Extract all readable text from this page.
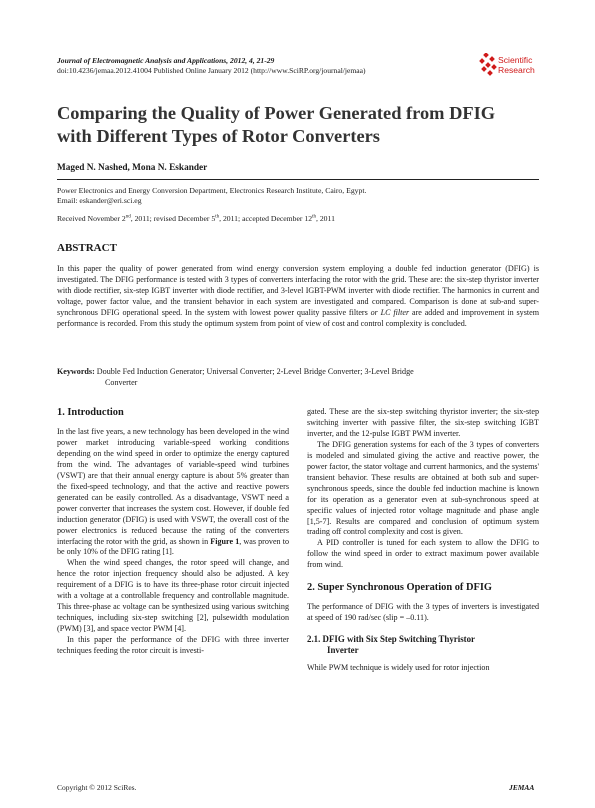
Journal of Electromagnetic Analysis and Applications, 2012, 4, 21-29
doi:10.4236/jemaa.2012.41004 Published Online January 2012 (http://www.SciRP.org/journal/jemaa)
Scientific
Research
Comparing the Quality of Power Generated from DFIG with Different Types of Rotor Converters
Maged N. Nashed, Mona N. Eskander
Power Electronics and Energy Conversion Department, Electronics Research Institute, Cairo, Egypt.
Email: eskander@eri.sci.eg
Received November 2nd, 2011; revised December 5th, 2011; accepted December 12th, 2011
ABSTRACT
In this paper the quality of power generated from wind energy conversion system employing a double fed induction generator (DFIG) is investigated. The DFIG performance is tested with 3 types of converters interfacing the rotor with the grid. These are: the six-step thyristor inverter with diode rectifier, six-step IGBT inverter with diode rectifier, and 3-level IGBT-PWM inverter with diode rectifier. The harmonics in current and voltage, power factor value, and the transient behavior in each system are investigated and compared. Comparison is done at sub-and super-synchronous DFIG operational speed. In the system with lowest power quality passive filters or LC filter are added and improvement in system performance is recorded. From this study the optimum system from point of view of cost and control complexity is concluded.
Keywords: Double Fed Induction Generator; Universal Converter; 2-Level Bridge Converter; 3-Level Bridge
Converter
1. Introduction

In the last five years, a new technology has been developed in the wind power market introducing variable-speed working conditions depending on the wind speed in order to optimize the energy captured from the wind. The advantages of variable-speed wind turbines (VSWT) are that their annual energy capture is about 5% greater than the fixed-speed technology, and that the active and reactive powers generated can be easily controlled. As a disadvantage, VSWT need a power converter that increases the system cost. However, if double fed induction generator (DFIG) is used with VSWT, the overall cost of the power electronics is reduced because the rating of the converters interfacing the rotor with the grid, as shown in Figure 1, was proven to be only 10% of the DFIG rating [1].

When the wind speed changes, the rotor speed will change, and hence the rotor injection frequency should also be adjusted. A key requirement of a DFIG is to have its three-phase rotor circuit injected with a voltage at a controllable frequency and controllable magnitude. This three-phase ac voltage can be synthesized using various switching techniques, including six-step switching [2], pulsewidth modulation (PWM) [3], and space vector PWM [4].

In this paper the performance of the DFIG with three inverter techniques feeding the rotor circuit is investi-

gated. These are the six-step switching thyristor inverter; the six-step switching inverter with passive filter, the six-step switching IGBT inverter, and the 12-pulse IGBT PWM inverter.

The DFIG generation systems for each of the 3 types of converters is modeled and simulated giving the active and reactive power, the power factor, the stator voltage and current harmonics, and the systems' transient behavior. These results are obtained at both sub and super-synchronous speeds, since the double fed induction machine is known for its operation as a generator even at sub-synchronous speed at specific values of injected rotor voltage magnitude and phase angle [1,5-7]. Results are compared and conclusion of optimum system trading off control complexity and cost is given.

A PID controller is tuned for each system to allow the DFIG to follow the wind speed in order to extract maximum power available from wind.

2. Super Synchronous Operation of DFIG

The performance of DFIG with the 3 types of inverters is investigated at speed of 190 rad/sec (slip = –0.11).

2.1. DFIG with Six Step Switching Thyristor
Inverter

While PWM technique is widely used for rotor injection

Copyright © 2012 SciRes.	JEMAA
